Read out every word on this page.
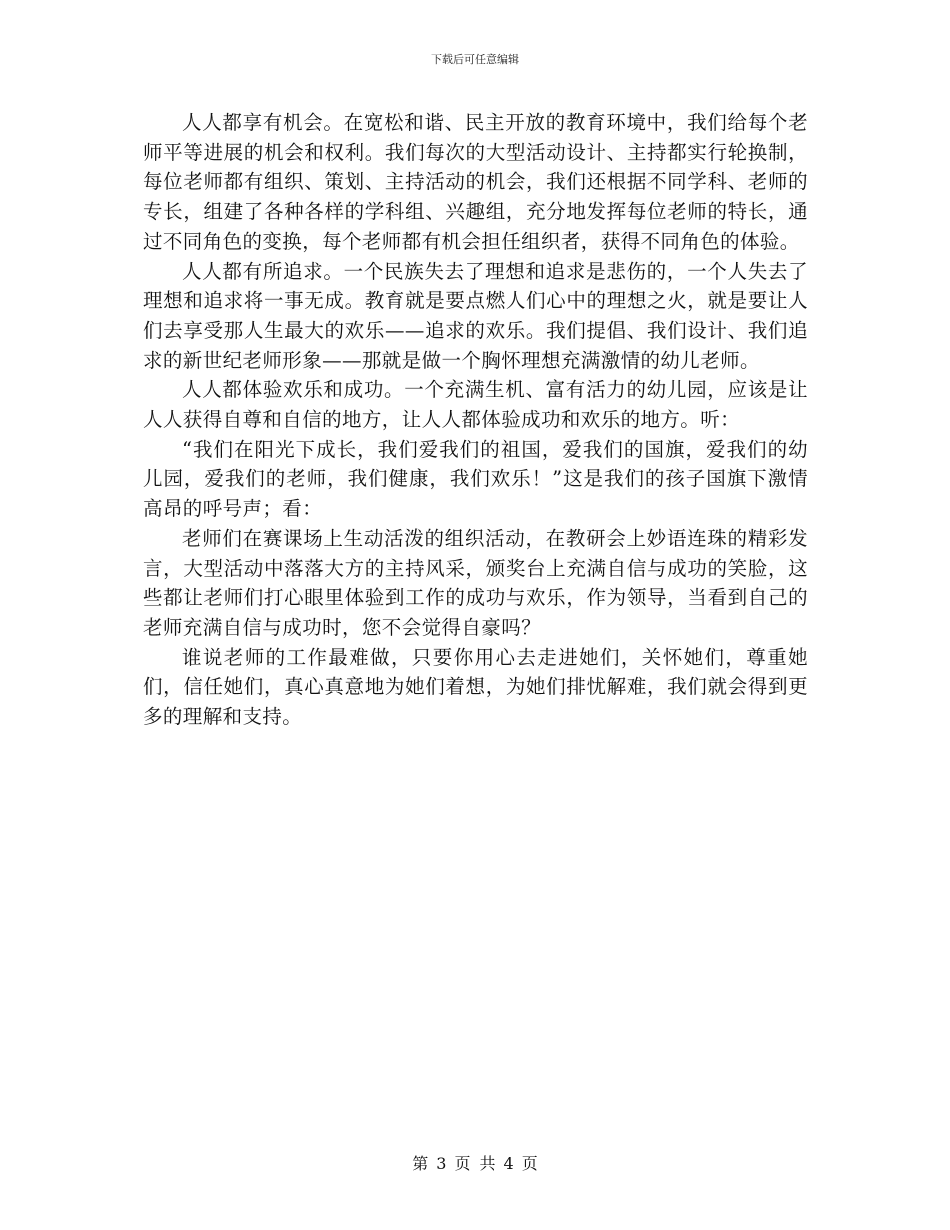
下载后可任意编辑

人人都享有机会。在宽松和谐、民主开放的教育环境中，我们给每个老师平等进展的机会和权利。我们每次的大型活动设计、主持都实行轮换制，每位老师都有组织、策划、主持活动的机会，我们还根据不同学科、老师的专长，组建了各种各样的学科组、兴趣组，充分地发挥每位老师的特长，通过不同角色的变换，每个老师都有机会担任组织者，获得不同角色的体验。

人人都有所追求。一个民族失去了理想和追求是悲伤的，一个人失去了理想和追求将一事无成。教育就是要点燃人们心中的理想之火，就是要让人们去享受那人生最大的欢乐——追求的欢乐。我们提倡、我们设计、我们追求的新世纪老师形象——那就是做一个胸怀理想充满激情的幼儿老师。

人人都体验欢乐和成功。一个充满生机、富有活力的幼儿园，应该是让人人获得自尊和自信的地方，让人人都体验成功和欢乐的地方。听：

“我们在阳光下成长，我们爱我们的祖国，爱我们的国旗，爱我们的幼儿园，爱我们的老师，我们健康，我们欢乐！”这是我们的孩子国旗下激情高昂的呼号声；看：

老师们在赛课场上生动活泼的组织活动，在教研会上妙语连珠的精彩发言，大型活动中落落大方的主持风采，颁奖台上充满自信与成功的笑脸，这些都让老师们打心眼里体验到工作的成功与欢乐，作为领导，当看到自己的老师充满自信与成功时，您不会觉得自豪吗？

谁说老师的工作最难做，只要你用心去走进她们，关怀她们，尊重她们，信任她们，真心真意地为她们着想，为她们排忧解难，我们就会得到更多的理解和支持。

第 3 页 共 4 页
